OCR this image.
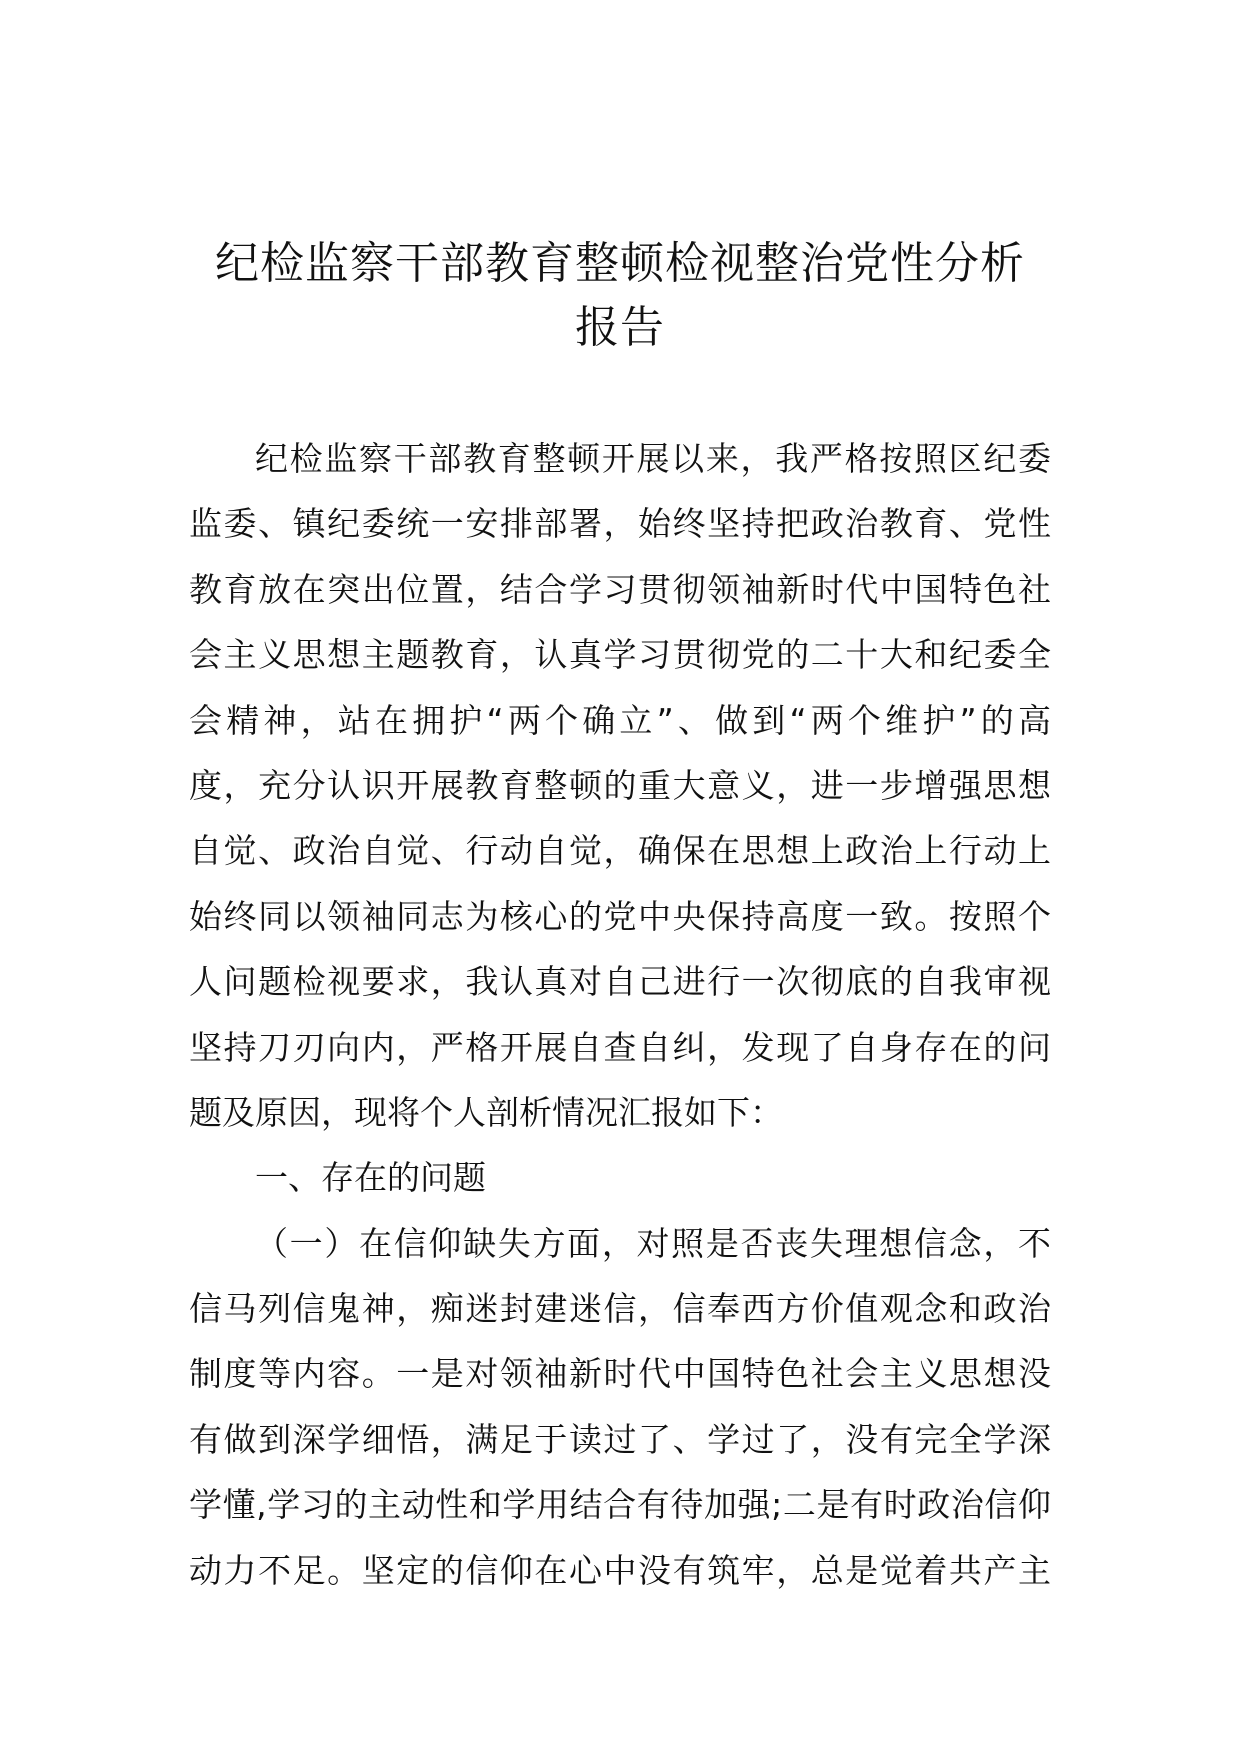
纪检监察干部教育整顿检视整治党性分析
报告
纪检监察干部教育整顿开展以来，我严格按照区纪委
监委、镇纪委统一安排部署，始终坚持把政治教育、党性
教育放在突出位置，结合学习贯彻领袖新时代中国特色社
会主义思想主题教育，认真学习贯彻党的二十大和纪委全
会精神，站在拥护“两个确立”、做到“两个维护”的高
度，充分认识开展教育整顿的重大意义，进一步增强思想
自觉、政治自觉、行动自觉，确保在思想上政治上行动上
始终同以领袖同志为核心的党中央保持高度一致。按照个
人问题检视要求，我认真对自己进行一次彻底的自我审视
坚持刀刃向内，严格开展自查自纠，发现了自身存在的问
题及原因，现将个人剖析情况汇报如下：
一、存在的问题
（一）在信仰缺失方面，对照是否丧失理想信念，不
信马列信鬼神，痴迷封建迷信，信奉西方价值观念和政治
制度等内容。一是对领袖新时代中国特色社会主义思想没
有做到深学细悟，满足于读过了、学过了，没有完全学深
学懂,学习的主动性和学用结合有待加强;二是有时政治信仰
动力不足。坚定的信仰在心中没有筑牢，总是觉着共产主
